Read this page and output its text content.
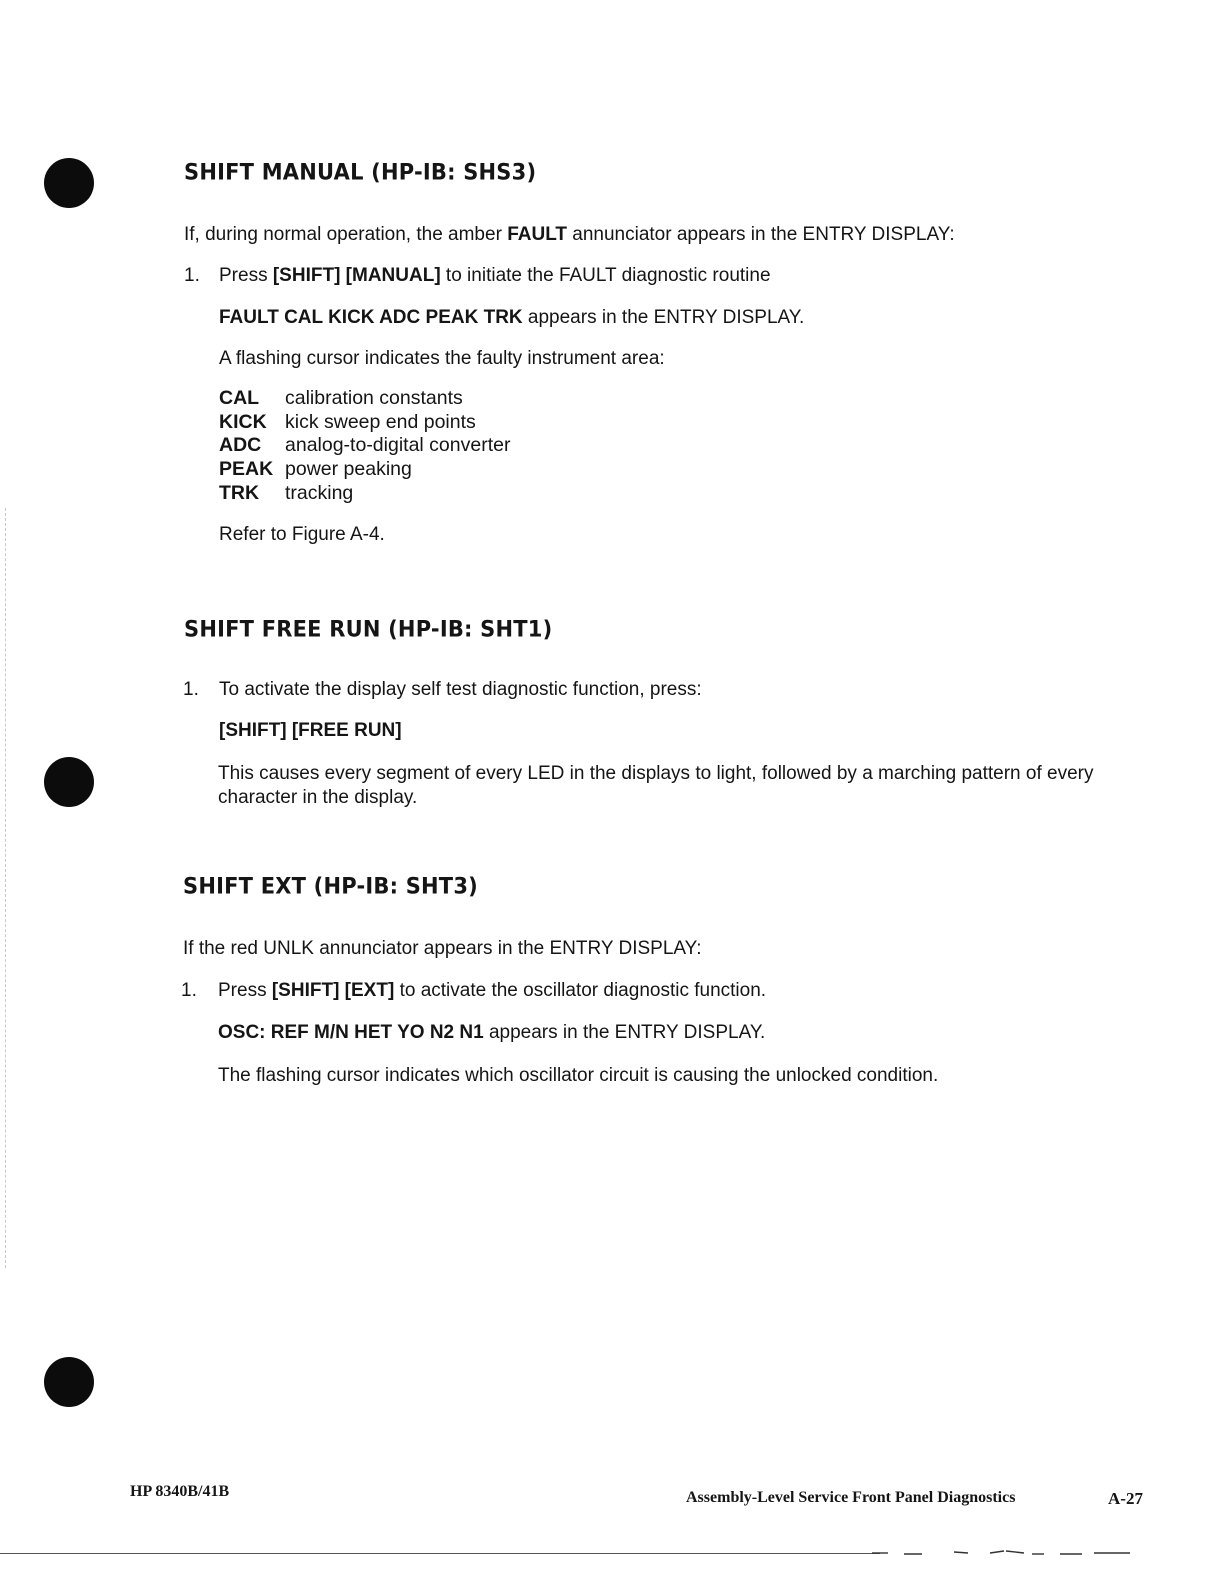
SHIFT MANUAL (HP-IB: SHS3)

If, during normal operation, the amber FAULT annunciator appears in the ENTRY DISPLAY:

1. Press [SHIFT] [MANUAL] to initiate the FAULT diagnostic routine

FAULT CAL KICK ADC PEAK TRK appears in the ENTRY DISPLAY.

A flashing cursor indicates the faulty instrument area:

CAL	calibration constants
KICK	kick sweep end points
ADC	analog-to-digital converter
PEAK	power peaking
TRK	tracking

Refer to Figure A-4.

SHIFT FREE RUN (HP-IB: SHT1)
1. To activate the display self test diagnostic function, press:

[SHIFT] [FREE RUN]

This causes every segment of every LED in the displays to light, followed by a marching pattern of every character in the display.

SHIFT EXT (HP-IB: SHT3)

If the red UNLK annunciator appears in the ENTRY DISPLAY:

1. Press [SHIFT] [EXT] to activate the oscillator diagnostic function.

OSC: REF M/N HET YO N2 N1 appears in the ENTRY DISPLAY.

The flashing cursor indicates which oscillator circuit is causing the unlocked condition.

HP 8340B/41B	Assembly-Level Service Front Panel Diagnostics	A-27
